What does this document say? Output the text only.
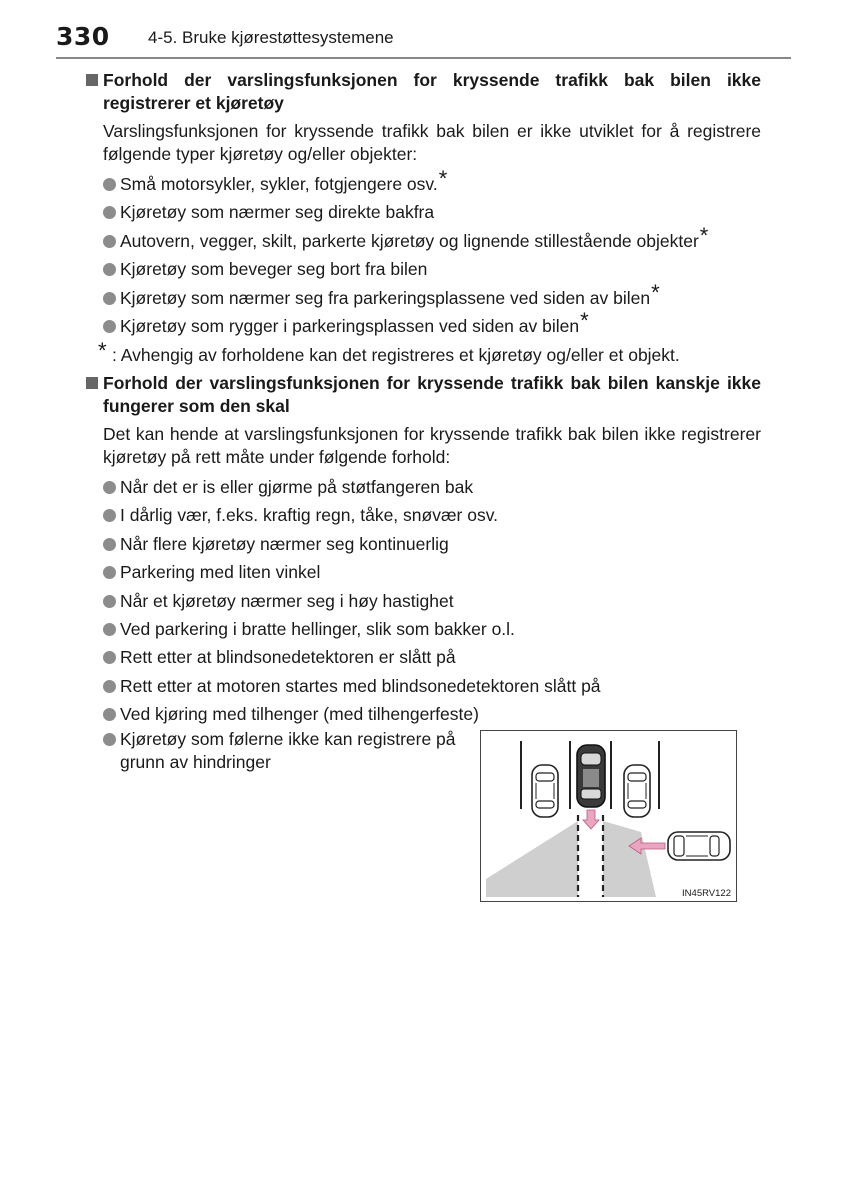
330 4-5. Bruke kjørestøttesystemene
Forhold der varslingsfunksjonen for kryssende trafikk bak bilen ikke registrerer et kjøretøy
Varslingsfunksjonen for kryssende trafikk bak bilen er ikke utviklet for å registrere følgende typer kjøretøy og/eller objekter:
Små motorsykler, sykler, fotgjengere osv.*
Kjøretøy som nærmer seg direkte bakfra
Autovern, vegger, skilt, parkerte kjøretøy og lignende stillestående objekter*
Kjøretøy som beveger seg bort fra bilen
Kjøretøy som nærmer seg fra parkeringsplassene ved siden av bilen*
Kjøretøy som rygger i parkeringsplassen ved siden av bilen*
* : Avhengig av forholdene kan det registreres et kjøretøy og/eller et objekt.
Forhold der varslingsfunksjonen for kryssende trafikk bak bilen kanskje ikke fungerer som den skal
Det kan hende at varslingsfunksjonen for kryssende trafikk bak bilen ikke registrerer kjøretøy på rett måte under følgende forhold:
Når det er is eller gjørme på støtfangeren bak
I dårlig vær, f.eks. kraftig regn, tåke, snøvær osv.
Når flere kjøretøy nærmer seg kontinuerlig
Parkering med liten vinkel
Når et kjøretøy nærmer seg i høy hastighet
Ved parkering i bratte hellinger, slik som bakker o.l.
Rett etter at blindsonedetektoren er slått på
Rett etter at motoren startes med blindsonedetektoren slått på
Ved kjøring med tilhenger (med tilhengerfeste)
Kjøretøy som følerne ikke kan registrere på grunn av hindringer
IN45RV122
